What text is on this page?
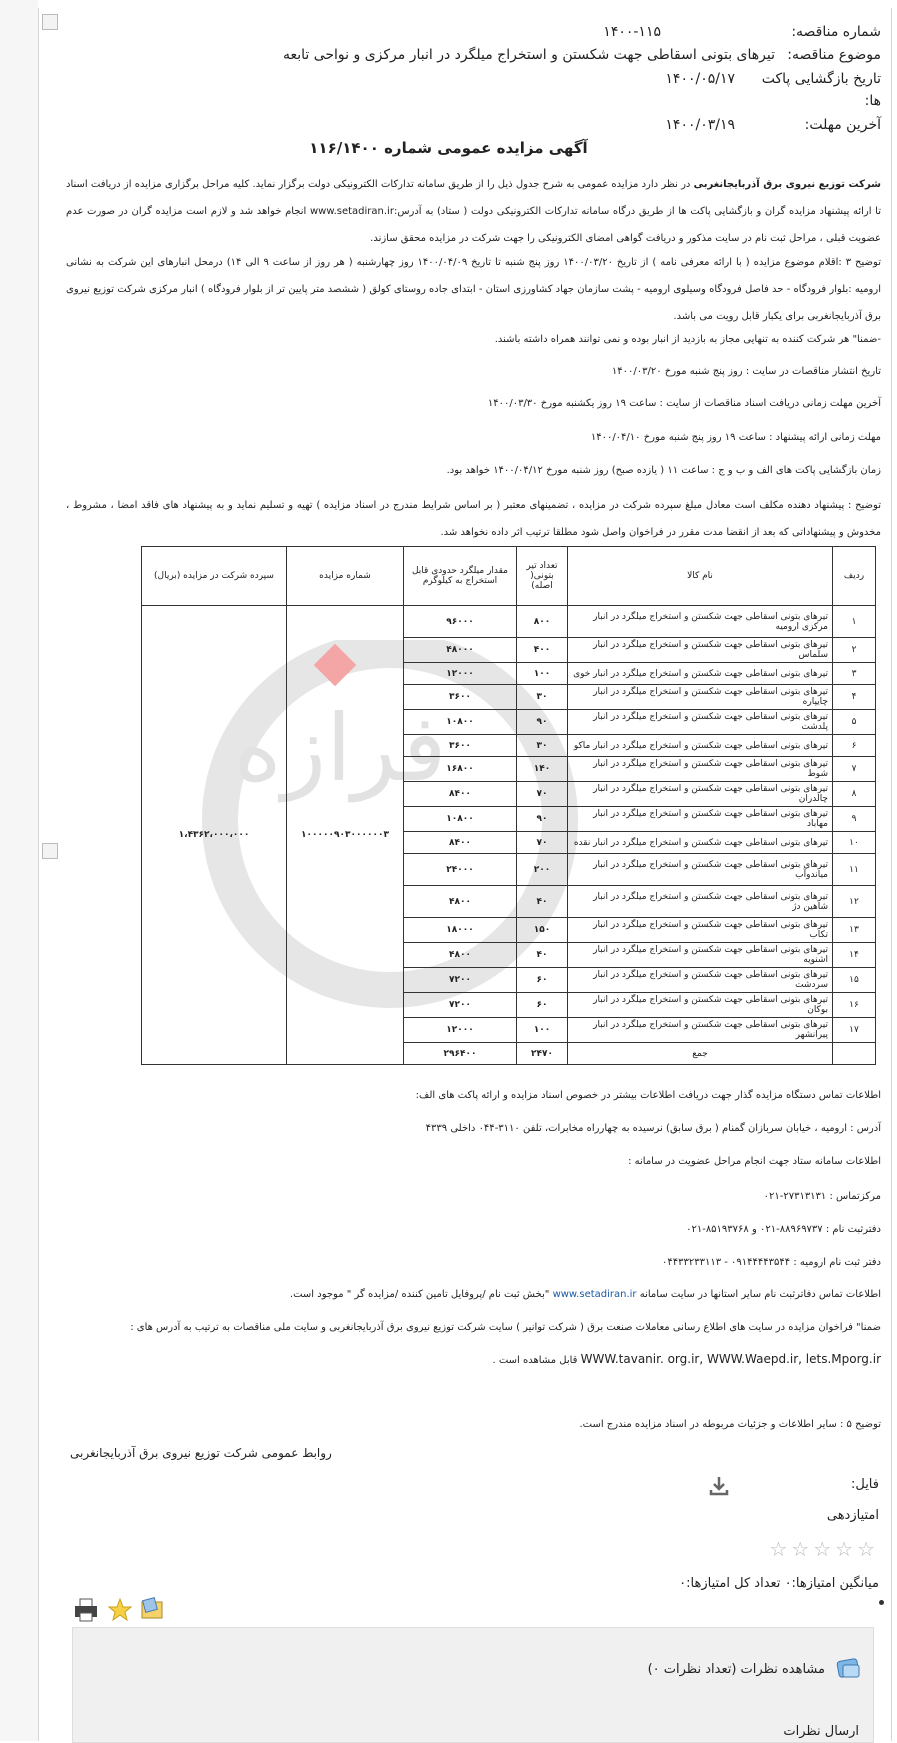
فرازه
شماره مناقصه:
۱۴۰۰-۱۱۵
موضوع مناقصه:
تیرهای بتونی اسقاطی جهت شکستن و استخراج میلگرد در انبار مرکزی و نواحی تابعه
تاریخ بازگشایی پاکت
ها:
۱۴۰۰/۰۵/۱۷
آخرین مهلت:
۱۴۰۰/۰۳/۱۹
آگهی مزایده عمومی شماره ۱۱۶/۱۴۰۰
شرکت توزیع نیروی برق آذربایجانغربی در نظر دارد مزایده عمومی به شرح جدول ذیل را از طریق سامانه تدارکات الکترونیکی دولت برگزار نماید. کلیه مراحل برگزاری مزایده از دریافت اسناد تا ارائه پیشنهاد مزایده گران و بازگشایی پاکت ها از طریق درگاه سامانه تدارکات الکترونیکی دولت ( ستاد) به آدرس:www.setadiran.ir انجام خواهد شد و لازم است مزایده گران در صورت عدم عضویت قبلی ، مراحل ثبت نام در سایت مذکور و دریافت گواهی امضای الکترونیکی را جهت شرکت در مزایده محقق سازند.
توضیح ۳ :اقلام موضوع مزایده ( با ارائه معرفی نامه ) از تاریخ ۱۴۰۰/۰۳/۲۰ روز پنج شنبه تا تاریخ ۱۴۰۰/۰۴/۰۹ روز چهارشنبه ( هر روز از ساعت ۹ الی ۱۴) درمحل انبارهای این شرکت به نشانی ارومیه :بلوار فرودگاه - حد فاصل فرودگاه وسیلوی ارومیه - پشت سازمان جهاد کشاورزی استان - ابتدای جاده روستای کولق ( ششصد متر پایین تر از بلوار فرودگاه ) انبار مرکزی شرکت توزیع نیروی برق آذربایجانغربی برای یکبار قابل رویت می باشد.
-ضمنا" هر شرکت کننده به تنهایی مجاز به بازدید از انبار بوده و نمی توانند همراه داشته باشند.
تاریخ انتشار مناقصات در سایت : روز پنج شنبه مورخ ۱۴۰۰/۰۳/۲۰
آخرین مهلت زمانی دریافت اسناد مناقصات از سایت : ساعت ۱۹ روز یکشنبه مورخ ۱۴۰۰/۰۳/۳۰
مهلت زمانی ارائه پیشنهاد : ساعت ۱۹ روز پنج شنبه مورخ ۱۴۰۰/۰۴/۱۰
زمان بازگشایی پاکت های الف و ب و ج : ساعت ۱۱ ( یازده صبح) روز شنبه مورخ ۱۴۰۰/۰۴/۱۲ خواهد بود.
توضیح : پیشنهاد دهنده مکلف است معادل مبلغ سپرده شرکت در مزایده ، تضمینهای معتبر ( بر اساس شرایط مندرج در اسناد مزایده ) تهیه و تسلیم نماید و به پیشنهاد های فاقد امضا ، مشروط ، مخدوش و پیشنهاداتی که بعد از انقضا مدت مقرر در فراخوان واصل شود مطلقا ترتیب اثر داده نخواهد شد.
ردیف	نام کالا	تعداد تیر بتونی( اصله)	مقدار میلگرد حدودی قابل استخراج به کیلوگرم	شماره مزایده	سپرده شرکت در مزایده (بریال)
۱	تیرهای بتونی اسقاطی جهت شکستن و استخراج میلگرد در انبار مرکزی ارومیه	۸۰۰	۹۶۰۰۰	۱۰۰۰۰۰۹۰۳۰۰۰۰۰۰۳	۱،۴۳۶۲،۰۰۰،۰۰۰
۲	تیرهای بتونی اسقاطی جهت شکستن و استخراج میلگرد در انبار سلماس	۴۰۰	۴۸۰۰۰		
۳	تیرهای بتونی اسقاطی جهت شکستن و استخراج میلگرد در انبار خوی	۱۰۰	۱۲۰۰۰		
۴	تیرهای بتونی اسقاطی جهت شکستن و استخراج میلگرد در انبار چایپاره	۳۰	۳۶۰۰		
۵	تیرهای بتونی اسقاطی جهت شکستن و استخراج میلگرد در انبار پلدشت	۹۰	۱۰۸۰۰		
۶	تیرهای بتونی اسقاطی جهت شکستن و استخراج میلگرد در انبار ماکو	۳۰	۳۶۰۰		
۷	تیرهای بتونی اسقاطی جهت شکستن و استخراج میلگرد در انبار شوط	۱۴۰	۱۶۸۰۰		
۸	تیرهای بتونی اسقاطی جهت شکستن و استخراج میلگرد در انبار چالدران	۷۰	۸۴۰۰		
۹	تیرهای بتونی اسقاطی جهت شکستن و استخراج میلگرد در انبار مهاباد	۹۰	۱۰۸۰۰		
۱۰	تیرهای بتونی اسقاطی جهت شکستن و استخراج میلگرد در انبار نقده	۷۰	۸۴۰۰		
۱۱	تیرهای بتونی اسقاطی جهت شکستن و استخراج میلگرد در انبار میاندوآب	۲۰۰	۲۴۰۰۰		
۱۲	تیرهای بتونی اسقاطی جهت شکستن و استخراج میلگرد در انبار شاهین دژ	۴۰	۴۸۰۰		
۱۳	تیرهای بتونی اسقاطی جهت شکستن و استخراج میلگرد در انبار تکاب	۱۵۰	۱۸۰۰۰		
۱۴	تیرهای بتونی اسقاطی جهت شکستن و استخراج میلگرد در انبار اشنویه	۴۰	۴۸۰۰		
۱۵	تیرهای بتونی اسقاطی جهت شکستن و استخراج میلگرد در انبار سردشت	۶۰	۷۲۰۰		
۱۶	تیرهای بتونی اسقاطی جهت شکستن و استخراج میلگرد در انبار بوکان	۶۰	۷۲۰۰		
۱۷	تیرهای بتونی اسقاطی جهت شکستن و استخراج میلگرد در انبار پیرانشهر	۱۰۰	۱۲۰۰۰		
	جمع	۲۴۷۰	۲۹۶۴۰۰		
اطلاعات تماس دستگاه مزایده گذار جهت دریافت اطلاعات بیشتر در خصوص اسناد مزایده و ارائه پاکت های الف:
آدرس : ارومیه ، خیابان سربازان گمنام ( برق سابق) نرسیده به چهارراه مخابرات، تلفن ۳۱۱۰-۰۴۴ داخلی ۴۳۳۹
اطلاعات سامانه ستاد جهت انجام مراحل عضویت در سامانه :
مرکزتماس : ۲۷۳۱۳۱۳۱-۰۲۱
دفترثبت نام : ۸۸۹۶۹۷۳۷-۰۲۱ و ۸۵۱۹۳۷۶۸-۰۲۱
دفتر ثبت نام ارومیه : ۰۹۱۴۴۴۴۳۵۴۴ - ۰۴۴۳۳۲۳۳۱۱۳
اطلاعات تماس دفاترثبت نام سایر استانها در سایت سامانه www.setadiran.ir "بخش ثبت نام /پروفایل تامین کننده /مزایده گر " موجود است.
ضمنا" فراخوان مزایده در سایت های اطلاع رسانی معاملات صنعت برق ( شرکت توانیر ) سایت شرکت توزیع نیروی برق آذربایجانغربی و سایت ملی مناقصات به ترتیب به آدرس های :
WWW.tavanir. org.ir, WWW.Waepd.ir, lets.Mporg.ir قابل مشاهده است .
توضیح ۵ : سایر اطلاعات و جزئیات مربوطه در اسناد مزایده مندرج است.
روابط عمومی شرکت توزیع نیروی برق آذربایجانغربی
فایل:
امتیازدهی
☆☆☆☆☆
میانگین امتیازها:۰ تعداد کل امتیازها:۰
مشاهده نظرات (تعداد نظرات ۰)
ارسال نظرات
